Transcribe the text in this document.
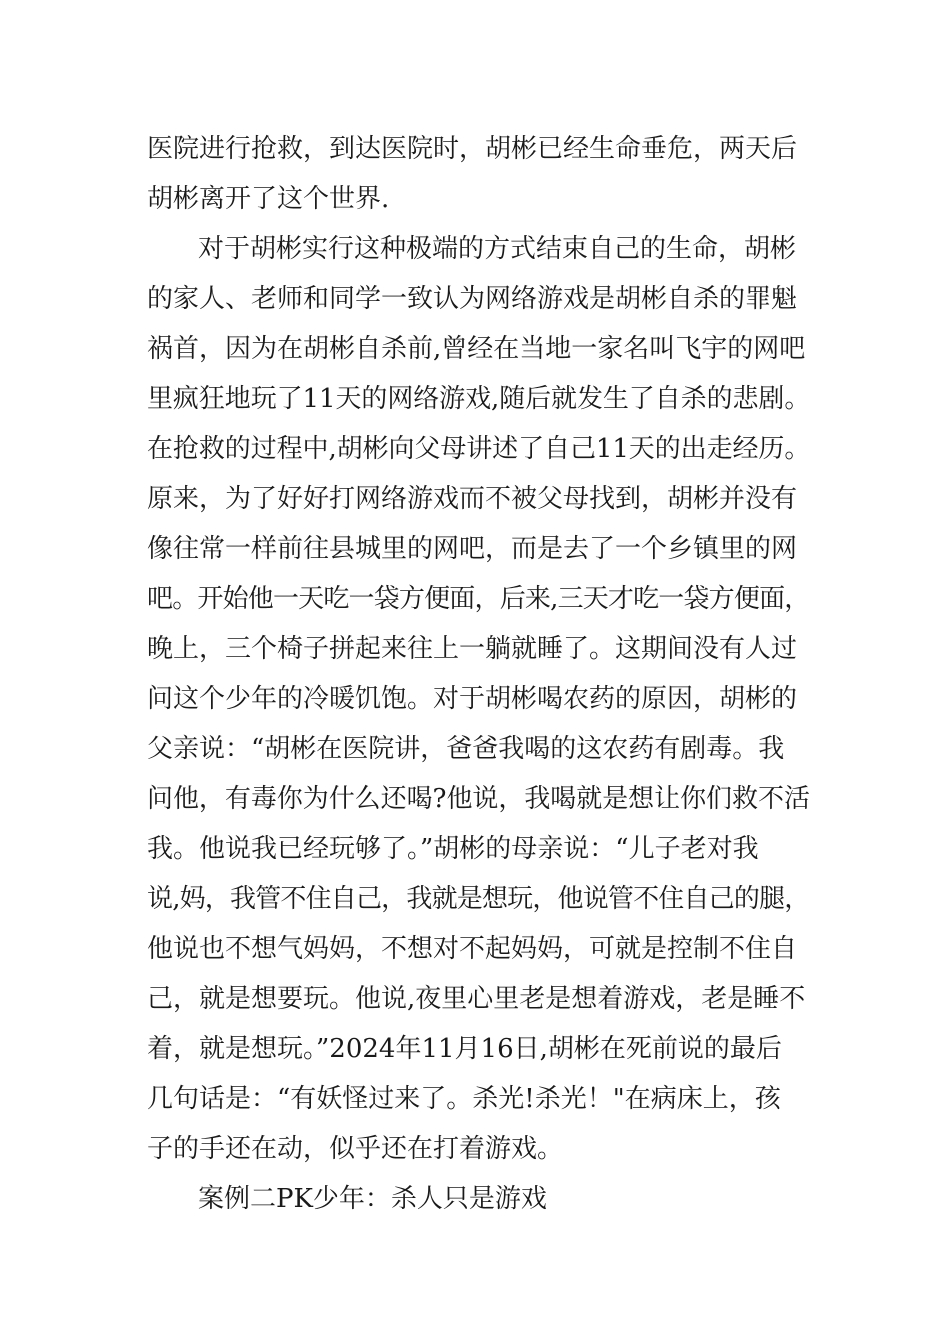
医院进行抢救，到达医院时，胡彬已经生命垂危，两天后

胡彬离开了这个世界.

对于胡彬实行这种极端的方式结束自己的生命，胡彬

的家人、老师和同学一致认为网络游戏是胡彬自杀的罪魁

祸首，因为在胡彬自杀前,曾经在当地一家名叫飞宇的网吧

里疯狂地玩了11天的网络游戏,随后就发生了自杀的悲剧。

在抢救的过程中,胡彬向父母讲述了自己11天的出走经历。

原来，为了好好打网络游戏而不被父母找到，胡彬并没有

像往常一样前往县城里的网吧，而是去了一个乡镇里的网

吧。开始他一天吃一袋方便面，后来,三天才吃一袋方便面，

晚上，三个椅子拼起来往上一躺就睡了。这期间没有人过

问这个少年的冷暖饥饱。对于胡彬喝农药的原因，胡彬的

父亲说：“胡彬在医院讲，爸爸我喝的这农药有剧毒。我

问他，有毒你为什么还喝?他说，我喝就是想让你们救不活

我。他说我已经玩够了。”胡彬的母亲说：“儿子老对我

说,妈，我管不住自己，我就是想玩，他说管不住自己的腿，

他说也不想气妈妈，不想对不起妈妈，可就是控制不住自

己，就是想要玩。他说,夜里心里老是想着游戏，老是睡不

着，就是想玩。”2024年11月16日,胡彬在死前说的最后

几句话是：“有妖怪过来了。杀光!杀光！"在病床上，孩

子的手还在动，似乎还在打着游戏。

案例二PK少年：杀人只是游戏
